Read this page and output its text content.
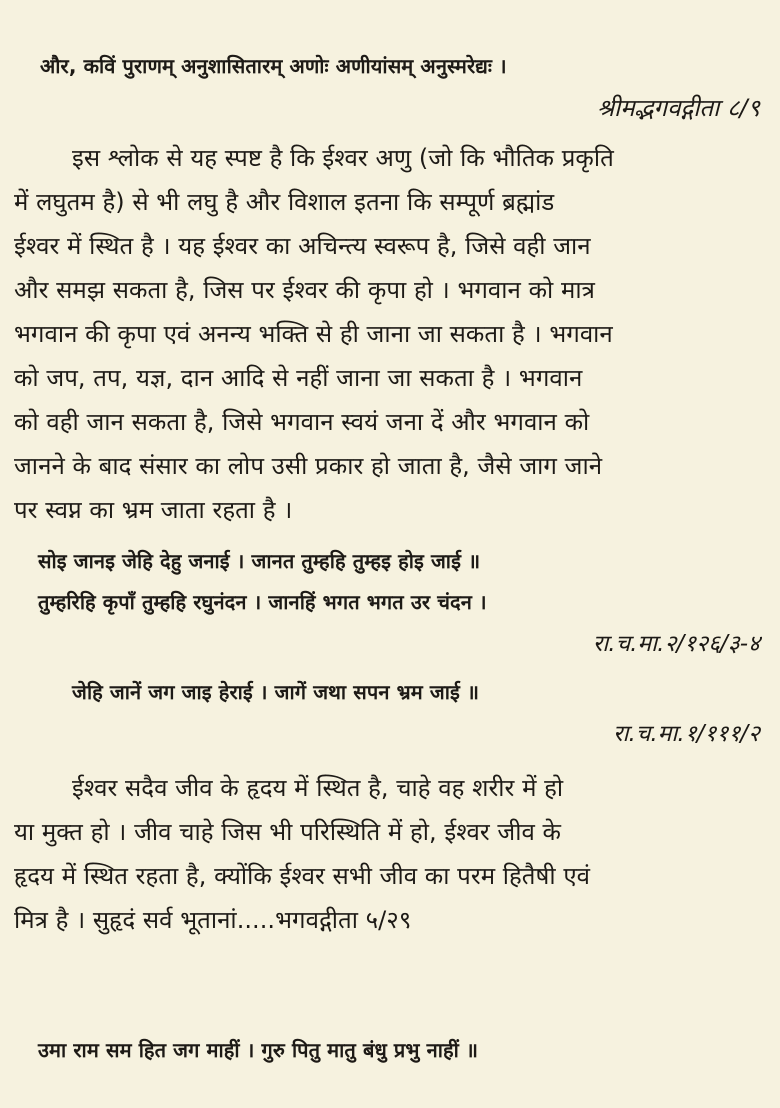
और, कविं पुराणम् अनुशासितारम् अणोः अणीयांसम् अनुस्मरेद्यः ।
श्रीमद्भगवद्गीता ८/९
इस श्लोक से यह स्पष्ट है कि ईश्वर अणु (जो कि भौतिक प्रकृति
में लघुतम है) से भी लघु है और विशाल इतना कि सम्पूर्ण ब्रह्मांड
ईश्वर में स्थित है । यह ईश्वर का अचिन्त्य स्वरूप है, जिसे वही जान
और समझ सकता है, जिस पर ईश्वर की कृपा हो । भगवान को मात्र
भगवान की कृपा एवं अनन्य भक्ति से ही जाना जा सकता है । भगवान
को जप, तप, यज्ञ, दान आदि से नहीं जाना जा सकता है । भगवान
को वही जान सकता है, जिसे भगवान स्वयं जना दें और भगवान को
जानने के बाद संसार का लोप उसी प्रकार हो जाता है, जैसे जाग जाने
पर स्वप्न का भ्रम जाता रहता है ।
सोइ जानइ जेहि देहु जनाई । जानत तुम्हहि तुम्हइ होइ जाई ॥
तुम्हरिहि कृपाँ तुम्हहि रघुनंदन । जानहिं भगत भगत उर चंदन ।
रा.च.मा.२/१२६/३-४
जेहि जानें जग जाइ हेराई । जागें जथा सपन भ्रम जाई ॥
रा.च.मा.१/१११/२
ईश्वर सदैव जीव के हृदय में स्थित है, चाहे वह शरीर में हो
या मुक्त हो । जीव चाहे जिस भी परिस्थिति में हो, ईश्वर जीव के
हृदय में स्थित रहता है, क्योंकि ईश्वर सभी जीव का परम हितैषी एवं
मित्र है । सुहृदं सर्व भूतानां.....भगवद्गीता ५/२९
उमा राम सम हित जग माहीं । गुरु पितु मातु बंधु प्रभु नाहीं ॥
